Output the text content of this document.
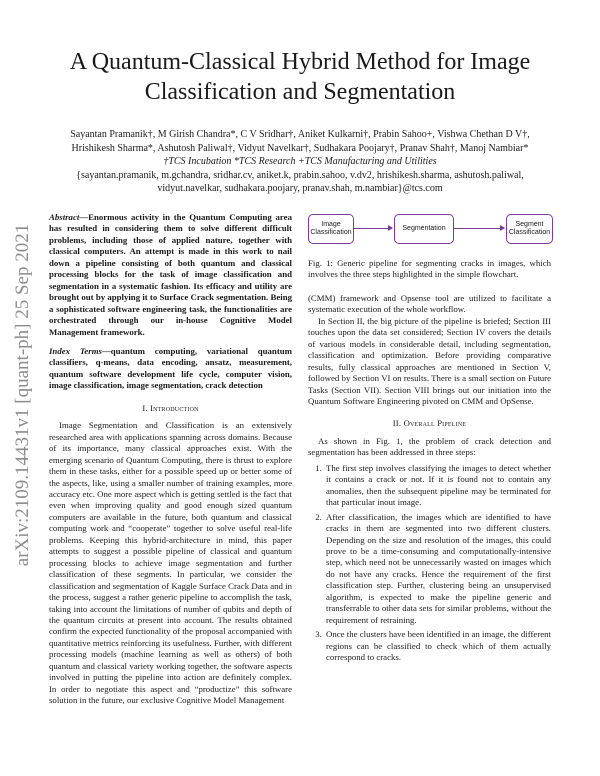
A Quantum-Classical Hybrid Method for Image
Classification and Segmentation
Sayantan Pramanik†, M Girish Chandra*, C V Sridhar†, Aniket Kulkarni†, Prabin Sahoo+, Vishwa Chethan D V†,
Hrishikesh Sharma*, Ashutosh Paliwal†, Vidyut Navelkar†, Sudhakara Poojary†, Pranav Shah†, Manoj Nambiar*
†TCS Incubation *TCS Research +TCS Manufacturing and Utilities
{sayantan.pramanik, m.gchandra, sridhar.cv, aniket.k, prabin.sahoo, v.dv2, hrishikesh.sharma, ashutosh.paliwal,
vidyut.navelkar, sudhakara.poojary, pranav.shah, m.nambiar}@tcs.com
arXiv:2109.14431v1 [quant-ph] 25 Sep 2021

Abstract—Enormous activity in the Quantum Computing area has resulted in considering them to solve different difficult problems, including those of applied nature, together with classical computers. An attempt is made in this work to nail down a pipeline consisting of both quantum and classical processing blocks for the task of image classification and segmentation in a systematic fashion. Its efficacy and utility are brought out by applying it to Surface Crack segmentation. Being a sophisticated software engineering task, the functionalities are orchestrated through our in-house Cognitive Model Management framework.

Index Terms—quantum computing, variational quantum classifiers, q-means, data encoding, ansatz, measurement, quantum software development life cycle, computer vision, image classification, image segmentation, crack detection

I. Introduction

Image Segmentation and Classification is an extensively researched area with applications spanning across domains. Because of its importance, many classical approaches exist. With the emerging scenario of Quantum Computing, there is thrust to explore them in these tasks, either for a possible speed up or better some of the aspects, like, using a smaller number of training examples, more accuracy etc. One more aspect which is getting settled is the fact that even when improving quality and good enough sized quantum computers are available in the future, both quantum and classical computing work and “cooperate” together to solve useful real-life problems. Keeping this hybrid-architecture in mind, this paper attempts to suggest a possible pipeline of classical and quantum processing blocks to achieve image segmentation and further classification of these segments. In particular, we consider the classification and segmentation of Kaggle Surface Crack Data and in the process, suggest a rather generic pipeline to accomplish the task, taking into account the limitations of number of qubits and depth of the quantum circuits at present into account. The results obtained confirm the expected functionality of the proposal accompanied with quantitative metrics reinforcing its usefulness. Further, with different processing models (machine learning as well as others) of both quantum and classical variety working together, the software aspects involved in putting the pipeline into action are definitely complex. In order to negotiate this aspect and “productize” this software solution in the future, our exclusive Cognitive Model Management

Image Classification
Segmentation
Segment Classification

Fig. 1: Generic pipeline for segmenting cracks in images, which involves the three steps highlighted in the simple flowchart.

(CMM) framework and Opsense tool are utilized to facilitate a systematic execution of the whole workflow.

In Section II, the big picture of the pipeline is briefed; Section III touches upon the data set considered; Section IV covers the details of various models in considerable detail, including segmentation, classification and optimization. Before providing comparative results, fully classical approaches are mentioned in Section V, followed by Section VI on results. There is a small section on Future Tasks (Section VII). Section VIII brings out our initiation into the Quantum Software Engineering pivoted on CMM and OpSense.

II. Overall Pipeline

As shown in Fig. 1, the problem of crack detection and segmentation has been addressed in three steps:

1. The first step involves classifying the images to detect whether it contains a crack or not. If it is found not to contain any anomalies, then the subsequent pipeline may be terminated for that particular inout image.
2. After classification, the images which are identified to have cracks in them are segmented into two different clusters. Depending on the size and resolution of the images, this could prove to be a time-consuming and computationally-intensive step, which need not be unnecessarily wasted on images which do not have any cracks. Hence the requirement of the first classification step. Further, clustering being an unsupervised algorithm, is expected to make the pipeline generic and transferrable to other data sets for similar problems, without the requirement of retraining.
3. Once the clusters have been identified in an image, the different regions can be classified to check which of them actually correspond to cracks.
